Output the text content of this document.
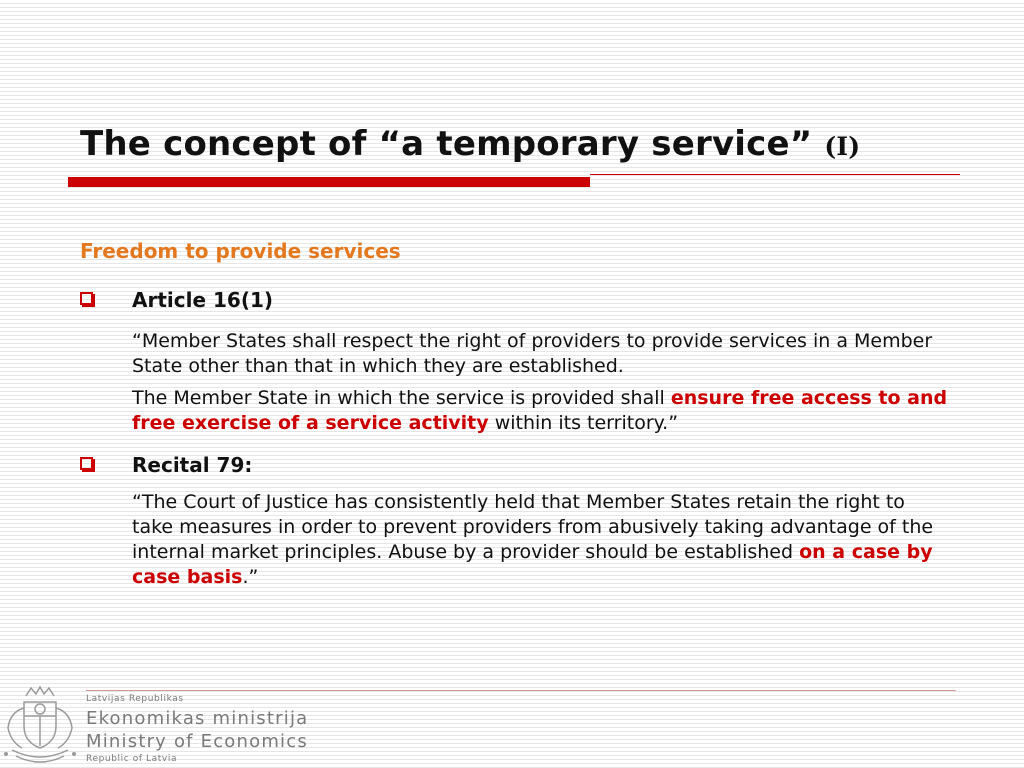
The concept of “a temporary service” (I)
Freedom to provide services
Article 16(1)

“Member States shall respect the right of providers to provide services in a Member State other than that in which they are established.

The Member State in which the service is provided shall ensure free access to and free exercise of a service activity within its territory.”

Recital 79:

“The Court of Justice has consistently held that Member States retain the right to take measures in order to prevent providers from abusively taking advantage of the internal market principles. Abuse by a provider should be established on a case by case basis.”

Latvijas Republikas

Ekonomikas ministrija

Ministry of Economics

Republic of Latvia
